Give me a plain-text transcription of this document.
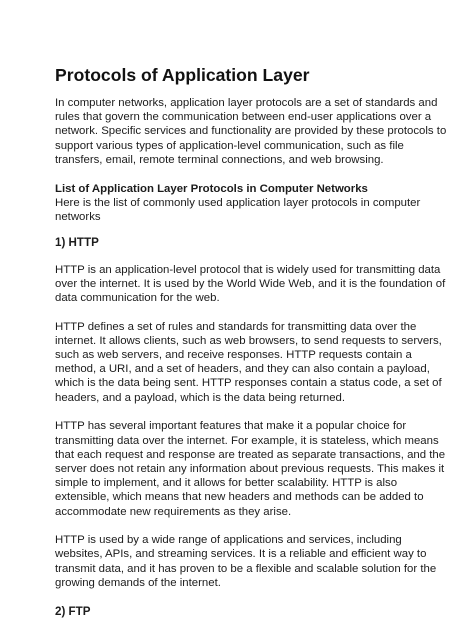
Protocols of Application Layer

In computer networks, application layer protocols are a set of standards and
rules that govern the communication between end-user applications over a
network. Specific services and functionality are provided by these protocols to
support various types of application-level communication, such as file
transfers, email, remote terminal connections, and web browsing.

List of Application Layer Protocols in Computer Networks
Here is the list of commonly used application layer protocols in computer
networks

1) HTTP

HTTP is an application-level protocol that is widely used for transmitting data
over the internet. It is used by the World Wide Web, and it is the foundation of
data communication for the web.

HTTP defines a set of rules and standards for transmitting data over the
internet. It allows clients, such as web browsers, to send requests to servers,
such as web servers, and receive responses. HTTP requests contain a
method, a URI, and a set of headers, and they can also contain a payload,
which is the data being sent. HTTP responses contain a status code, a set of
headers, and a payload, which is the data being returned.

HTTP has several important features that make it a popular choice for
transmitting data over the internet. For example, it is stateless, which means
that each request and response are treated as separate transactions, and the
server does not retain any information about previous requests. This makes it
simple to implement, and it allows for better scalability. HTTP is also
extensible, which means that new headers and methods can be added to
accommodate new requirements as they arise.

HTTP is used by a wide range of applications and services, including
websites, APIs, and streaming services. It is a reliable and efficient way to
transmit data, and it has proven to be a flexible and scalable solution for the
growing demands of the internet.

2) FTP
